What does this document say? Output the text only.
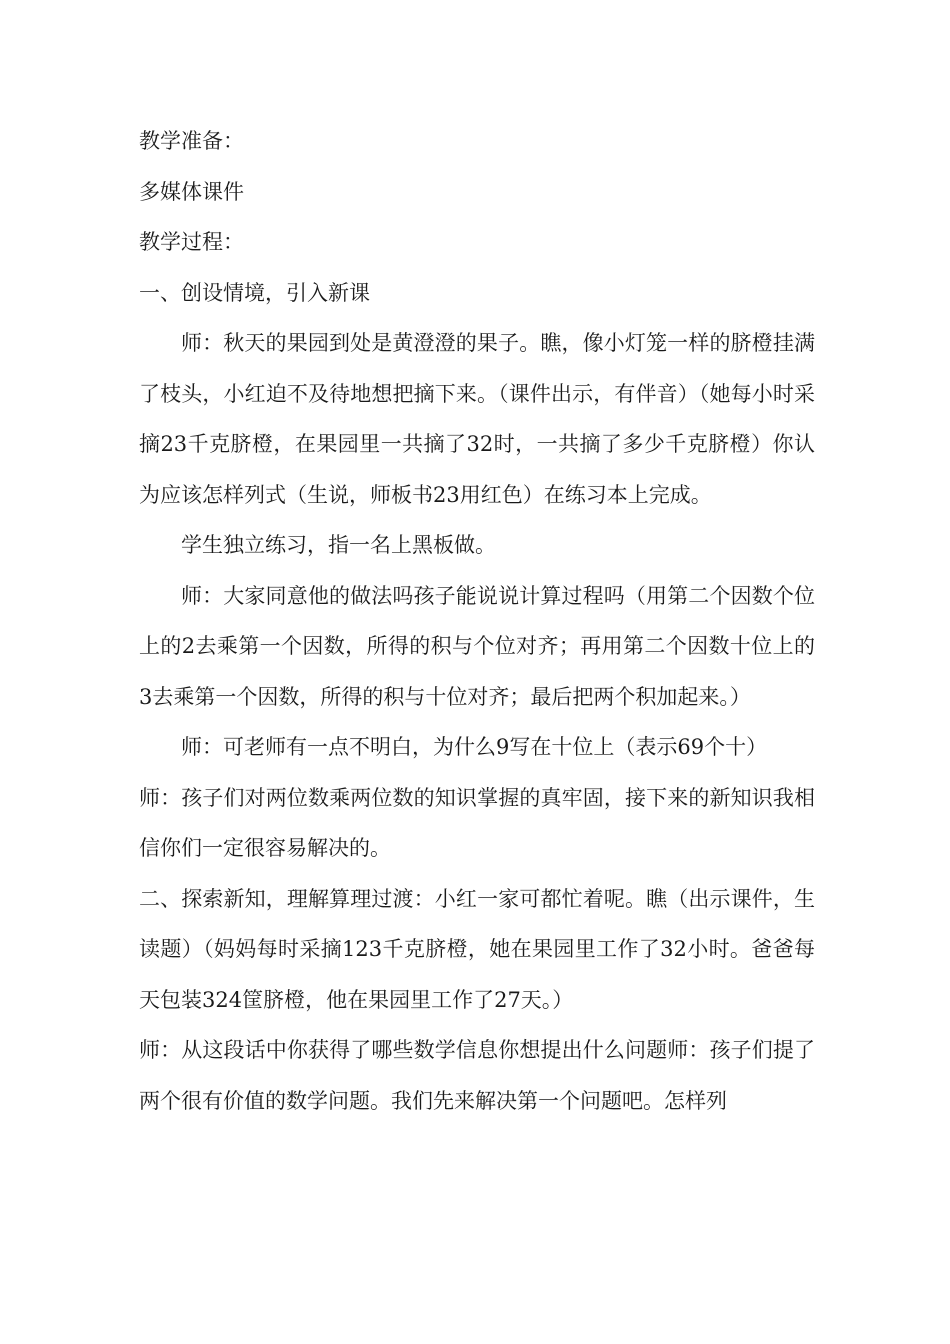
教学准备：

多媒体课件

教学过程：

一、创设情境，引入新课

师：秋天的果园到处是黄澄澄的果子。瞧，像小灯笼一样的脐橙挂满了枝头，小红迫不及待地想把摘下来。（课件出示，有伴音）（她每小时采摘23千克脐橙，在果园里一共摘了32时，一共摘了多少千克脐橙）你认为应该怎样列式（生说，师板书23用红色）在练习本上完成。

学生独立练习，指一名上黑板做。

师：大家同意他的做法吗孩子能说说计算过程吗（用第二个因数个位上的2去乘第一个因数，所得的积与个位对齐；再用第二个因数十位上的3去乘第一个因数，所得的积与十位对齐；最后把两个积加起来。）

师：可老师有一点不明白，为什么9写在十位上（表示69个十）

师：孩子们对两位数乘两位数的知识掌握的真牢固，接下来的新知识我相信你们一定很容易解决的。

二、探索新知，理解算理过渡：小红一家可都忙着呢。瞧（出示课件，生读题）（妈妈每时采摘123千克脐橙，她在果园里工作了32小时。爸爸每天包装324筐脐橙，他在果园里工作了27天。）

师：从这段话中你获得了哪些数学信息你想提出什么问题师：孩子们提了两个很有价值的数学问题。我们先来解决第一个问题吧。怎样列
